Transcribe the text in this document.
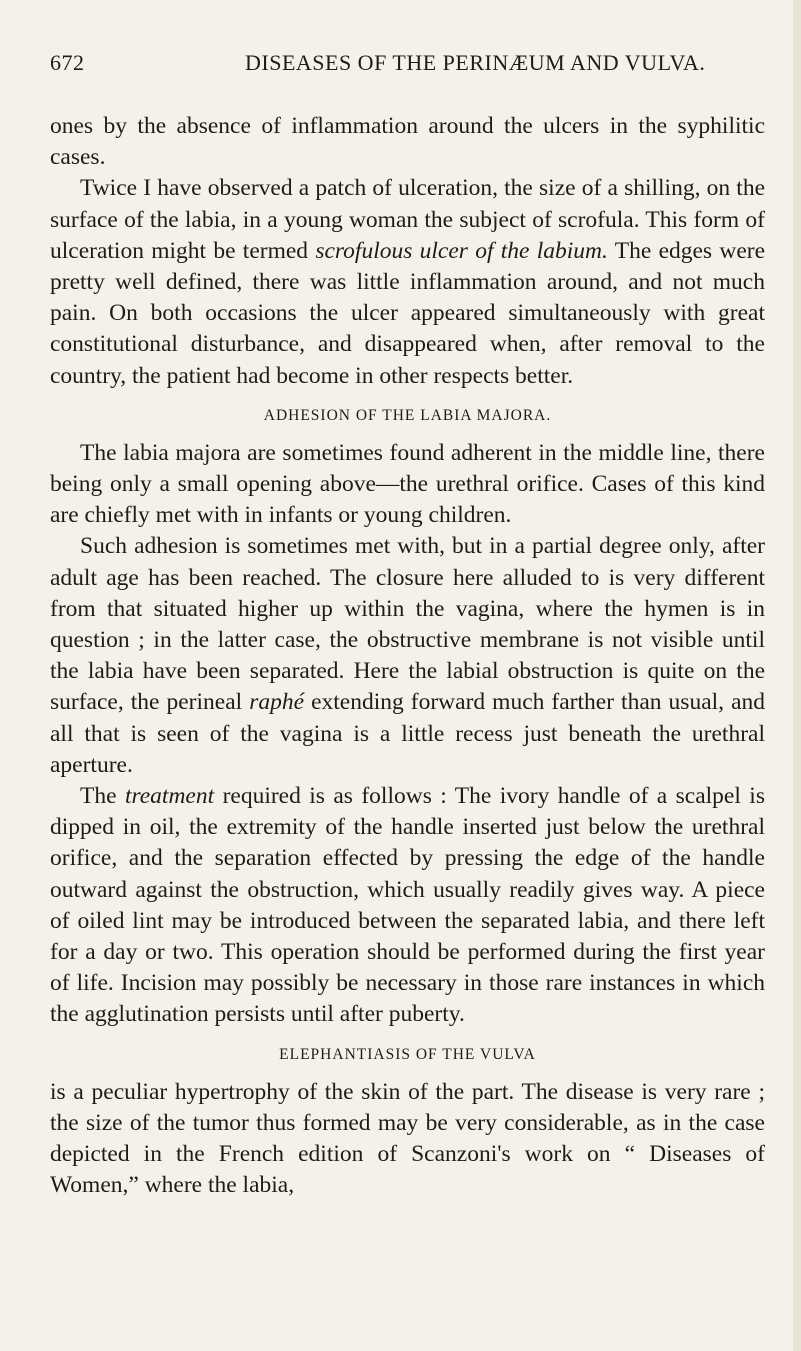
672	DISEASES OF THE PERINÆUM AND VULVA.

ones by the absence of inflammation around the ulcers in the syphilitic cases.

Twice I have observed a patch of ulceration, the size of a shilling, on the surface of the labia, in a young woman the subject of scrofula. This form of ulceration might be termed scrofulous ulcer of the labium. The edges were pretty well defined, there was little inflammation around, and not much pain. On both occasions the ulcer appeared simultaneously with great constitutional disturbance, and disappeared when, after removal to the country, the patient had become in other respects better.

ADHESION OF THE LABIA MAJORA.

The labia majora are sometimes found adherent in the middle line, there being only a small opening above—the urethral orifice. Cases of this kind are chiefly met with in infants or young children.

Such adhesion is sometimes met with, but in a partial degree only, after adult age has been reached. The closure here alluded to is very different from that situated higher up within the vagina, where the hymen is in question ; in the latter case, the obstructive membrane is not visible until the labia have been separated. Here the labial obstruction is quite on the surface, the perineal raphé extending forward much farther than usual, and all that is seen of the vagina is a little recess just beneath the urethral aperture.

The treatment required is as follows : The ivory handle of a scalpel is dipped in oil, the extremity of the handle inserted just below the urethral orifice, and the separation effected by pressing the edge of the handle outward against the obstruction, which usually readily gives way. A piece of oiled lint may be introduced between the separated labia, and there left for a day or two. This operation should be performed during the first year of life. Incision may possibly be necessary in those rare instances in which the agglutination persists until after puberty.

ELEPHANTIASIS OF THE VULVA

is a peculiar hypertrophy of the skin of the part. The disease is very rare ; the size of the tumor thus formed may be very considerable, as in the case depicted in the French edition of Scanzoni's work on “ Diseases of Women,” where the labia,
